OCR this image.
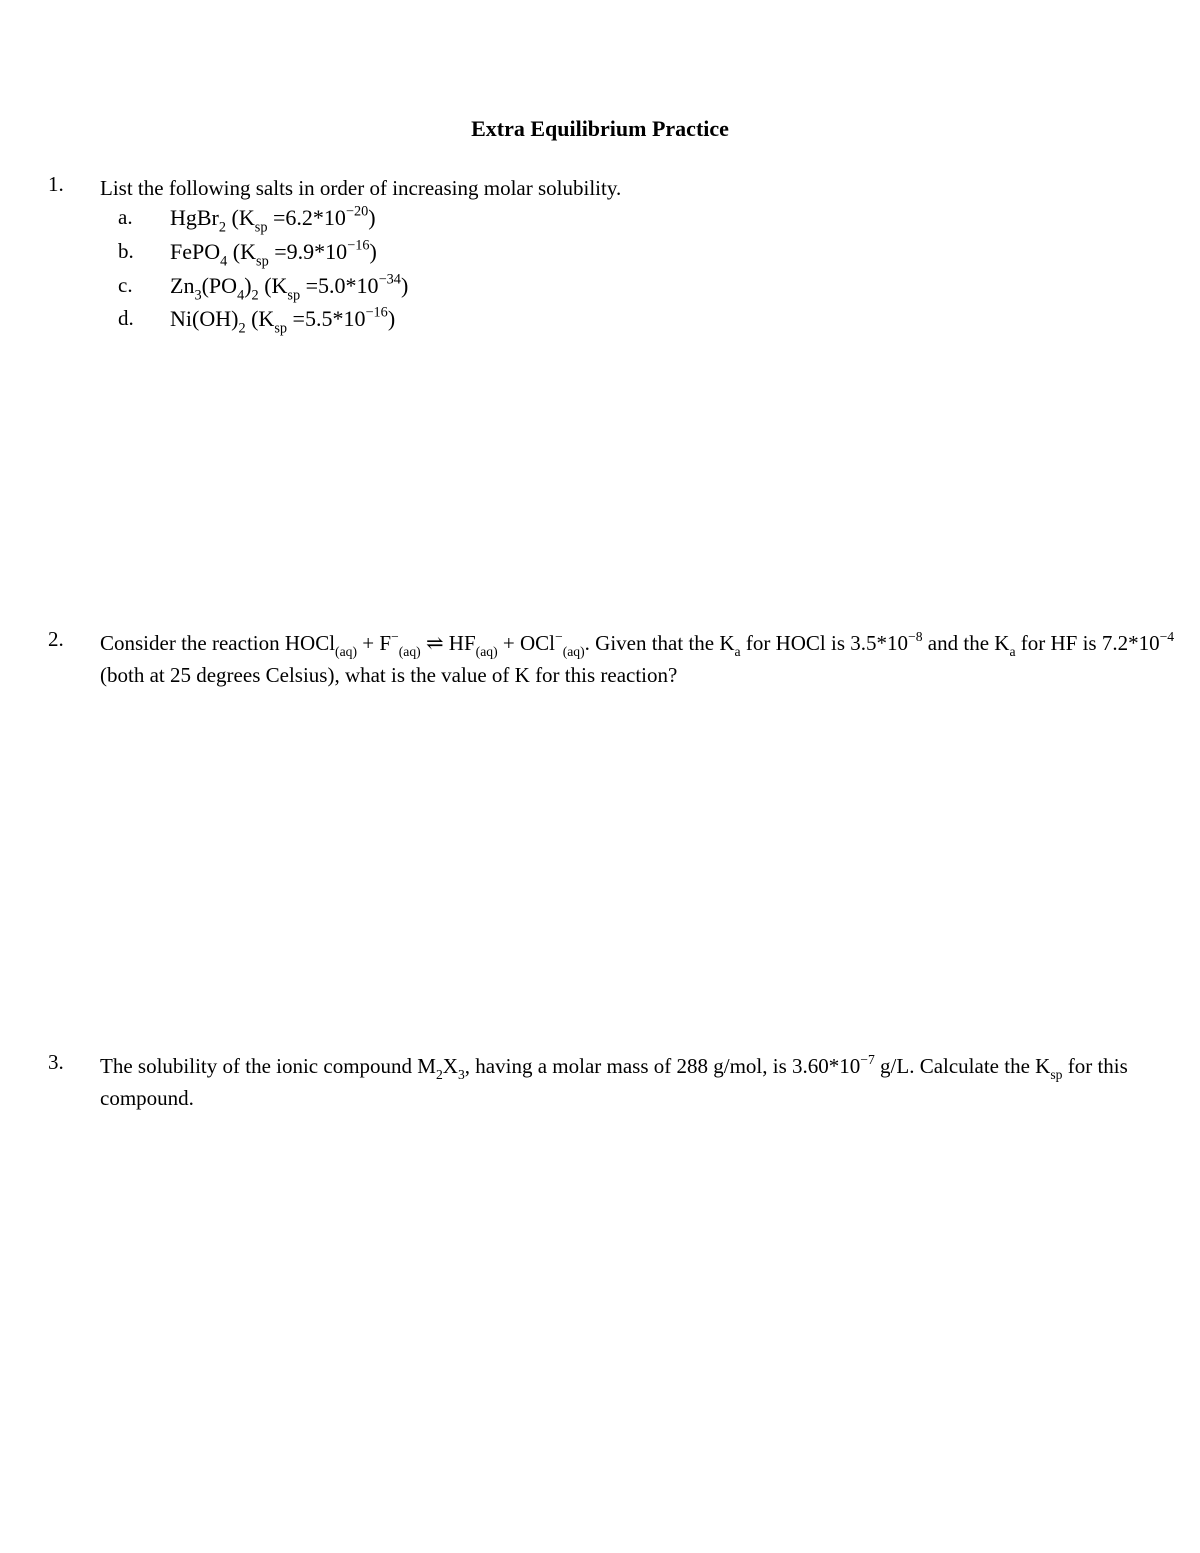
Extra Equilibrium Practice
1. List the following salts in order of increasing molar solubility.
a. HgBr$_2$ $(K_{sp} =6.2*10^{-20})$
b. FePO$_4$ $(K_{sp} =9.9*10^{-16})$
c. $Zn_3(PO_4)_2$ $(K_{sp} =5.0*10^{-34})$
d. $Ni(OH)_2$ $(K_{sp} =5.5*10^{-16})$
2. Consider the reaction HOCl$_{(aq)}$ + $F^-_{(aq)}$ ⇌ $HF_{(aq)} + OCl^-_{(aq)}$. Given that the $K_a$ for HOCl is $3.5*10^{-8}$ and the $K_a$ for HF is $7.2*10^{-4}$ (both at 25 degrees Celsius), what is the value of K for this reaction?
3. The solubility of the ionic compound $M_2X_3$, having a molar mass of 288 g/mol, is $3.60*10^{-7}$ g/L. Calculate the $K_{sp}$ for this compound.
